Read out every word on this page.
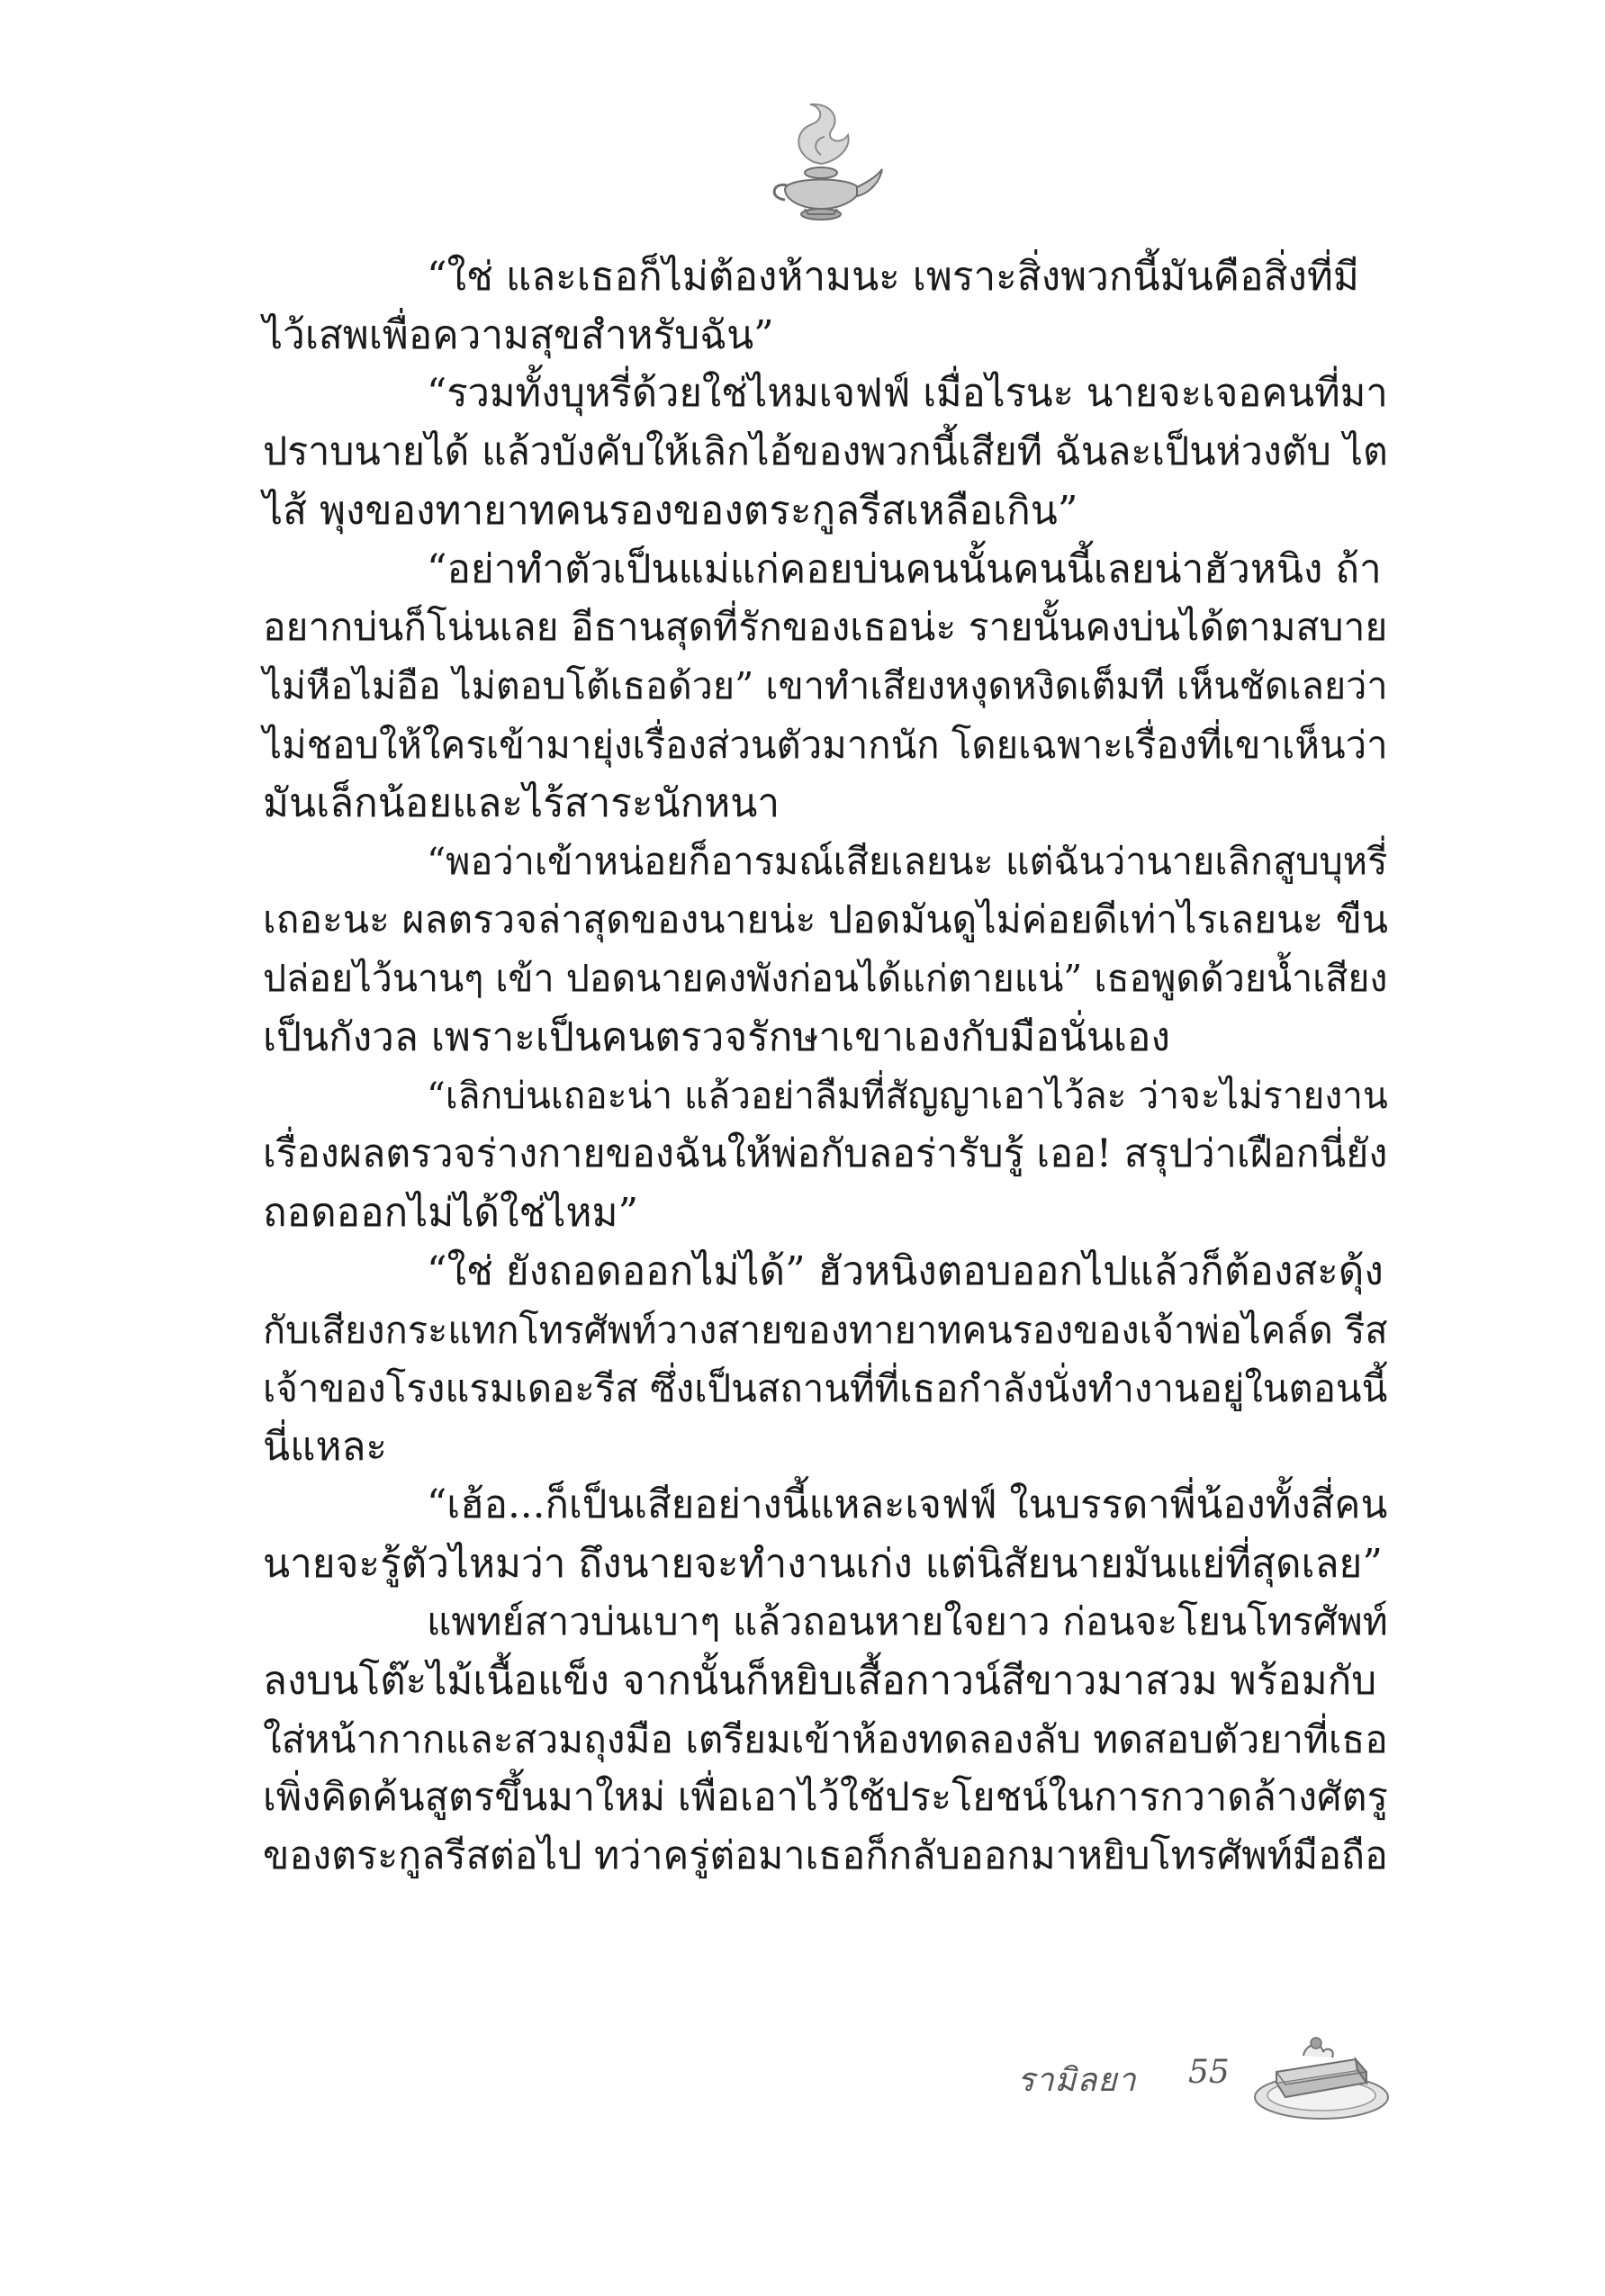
“ใช่ และเธอก็ไม่ต้องห้ามนะ เพราะสิ่งพวกนี้มันคือสิ่งที่มี
ไว้เสพเพื่อความสุขสำหรับฉัน”
“รวมทั้งบุหรี่ด้วยใช่ไหมเจฟฟ์ เมื่อไรนะ นายจะเจอคนที่มา
ปราบนายได้ แล้วบังคับให้เลิกไอ้ของพวกนี้เสียที ฉันละเป็นห่วงตับ ไต
ไส้ พุงของทายาทคนรองของตระกูลรีสเหลือเกิน”
“อย่าทำตัวเป็นแม่แก่คอยบ่นคนนั้นคนนี้เลยน่าฮัวหนิง ถ้า
อยากบ่นก็โน่นเลย อีธานสุดที่รักของเธอน่ะ รายนั้นคงบ่นได้ตามสบาย
ไม่หือไม่อือ ไม่ตอบโต้เธอด้วย” เขาทำเสียงหงุดหงิดเต็มที เห็นชัดเลยว่า
ไม่ชอบให้ใครเข้ามายุ่งเรื่องส่วนตัวมากนัก โดยเฉพาะเรื่องที่เขาเห็นว่า
มันเล็กน้อยและไร้สาระนักหนา
“พอว่าเข้าหน่อยก็อารมณ์เสียเลยนะ แต่ฉันว่านายเลิกสูบบุหรี่
เถอะนะ ผลตรวจล่าสุดของนายน่ะ ปอดมันดูไม่ค่อยดีเท่าไรเลยนะ ขืน
ปล่อยไว้นานๆ เข้า ปอดนายคงพังก่อนได้แก่ตายแน่” เธอพูดด้วยน้ำเสียง
เป็นกังวล เพราะเป็นคนตรวจรักษาเขาเองกับมือนั่นเอง
“เลิกบ่นเถอะน่า แล้วอย่าลืมที่สัญญาเอาไว้ละ ว่าจะไม่รายงาน
เรื่องผลตรวจร่างกายของฉันให้พ่อกับลอร่ารับรู้ เออ! สรุปว่าเฝือกนี่ยัง
ถอดออกไม่ได้ใช่ไหม”
“ใช่ ยังถอดออกไม่ได้” ฮัวหนิงตอบออกไปแล้วก็ต้องสะดุ้ง
กับเสียงกระแทกโทรศัพท์วางสายของทายาทคนรองของเจ้าพ่อไคล์ด รีส
เจ้าของโรงแรมเดอะรีส ซึ่งเป็นสถานที่ที่เธอกำลังนั่งทำงานอยู่ในตอนนี้
นี่แหละ
“เฮ้อ...ก็เป็นเสียอย่างนี้แหละเจฟฟ์ ในบรรดาพี่น้องทั้งสี่คน
นายจะรู้ตัวไหมว่า ถึงนายจะทำงานเก่ง แต่นิสัยนายมันแย่ที่สุดเลย”
แพทย์สาวบ่นเบาๆ แล้วถอนหายใจยาว ก่อนจะโยนโทรศัพท์
ลงบนโต๊ะไม้เนื้อแข็ง จากนั้นก็หยิบเสื้อกาวน์สีขาวมาสวม พร้อมกับ
ใส่หน้ากากและสวมถุงมือ เตรียมเข้าห้องทดลองลับ ทดสอบตัวยาที่เธอ
เพิ่งคิดค้นสูตรขึ้นมาใหม่ เพื่อเอาไว้ใช้ประโยชน์ในการกวาดล้างศัตรู
ของตระกูลรีสต่อไป ทว่าครู่ต่อมาเธอก็กลับออกมาหยิบโทรศัพท์มือถือ
รามิลยา 55
